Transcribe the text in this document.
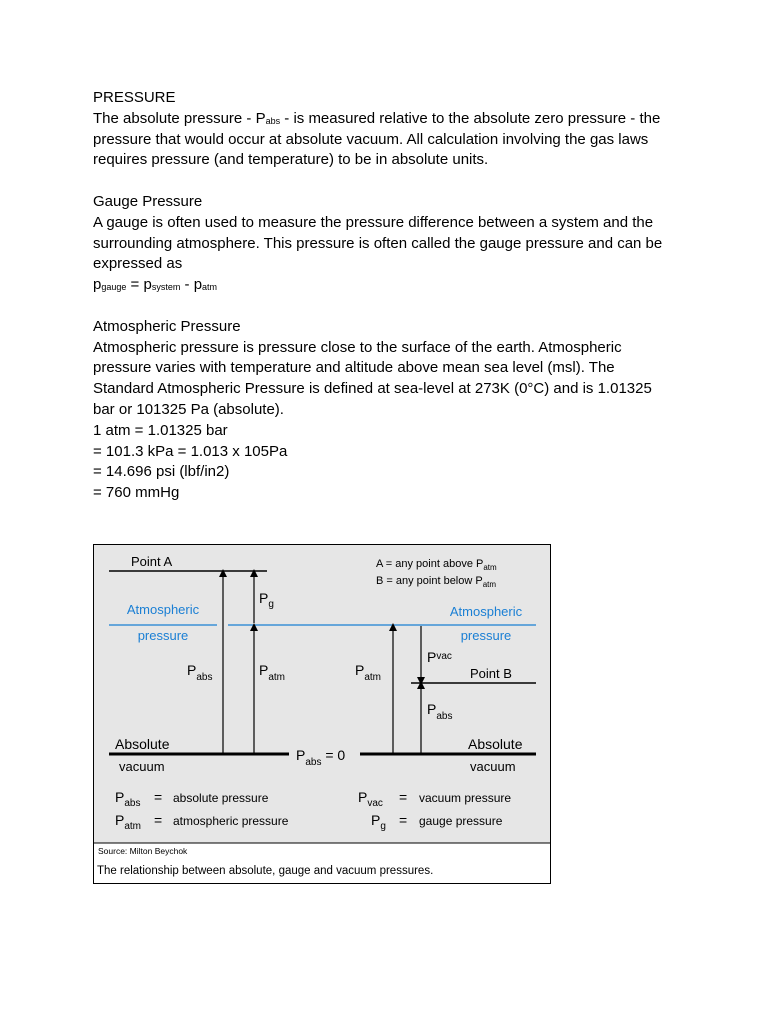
PRESSURE

The absolute pressure - $P_{abs}$ - is measured relative to the absolute zero pressure - the pressure that would occur at absolute vacuum. All calculation involving the gas laws requires pressure (and temperature) to be in absolute units.

Gauge Pressure

A gauge is often used to measure the pressure difference between a system and the surrounding atmosphere. This pressure is often called the gauge pressure and can be expressed as

$p_{gauge} = p_{system} - p_{atm}$

Atmospheric Pressure

Atmospheric pressure is pressure close to the surface of the earth. Atmospheric pressure varies with temperature and altitude above mean sea level (msl). The Standard Atmospheric Pressure is defined at sea-level at 273K (0°C) and is 1.01325 bar or 101325 Pa (absolute).

1 atm = 1.01325 bar

= 101.3 kPa = 1.013 x 105Pa

= 14.696 psi (lbf/in2)

= 760 mmHg

Point A	A = any point above $P_{atm}$
B = any point below $P_{atm}$
Atmospheric
pressure
Atmospheric
pressure
Point B
Absolute
vacuum
Absolute
vacuum
$P_g$
$P_{abs}$	$P_{atm}$	$P_{atm}$
$P^{vac}$
$P_{abs}$
$P_{abs} = 0$
$P_{abs}$ = absolute pressure
$P_{atm}$ = atmospheric pressure
$P_{vac}$ = vacuum pressure
$P_g$ = gauge pressure
Source: Milton Beychok
The relationship between absolute, gauge and vacuum pressures.
